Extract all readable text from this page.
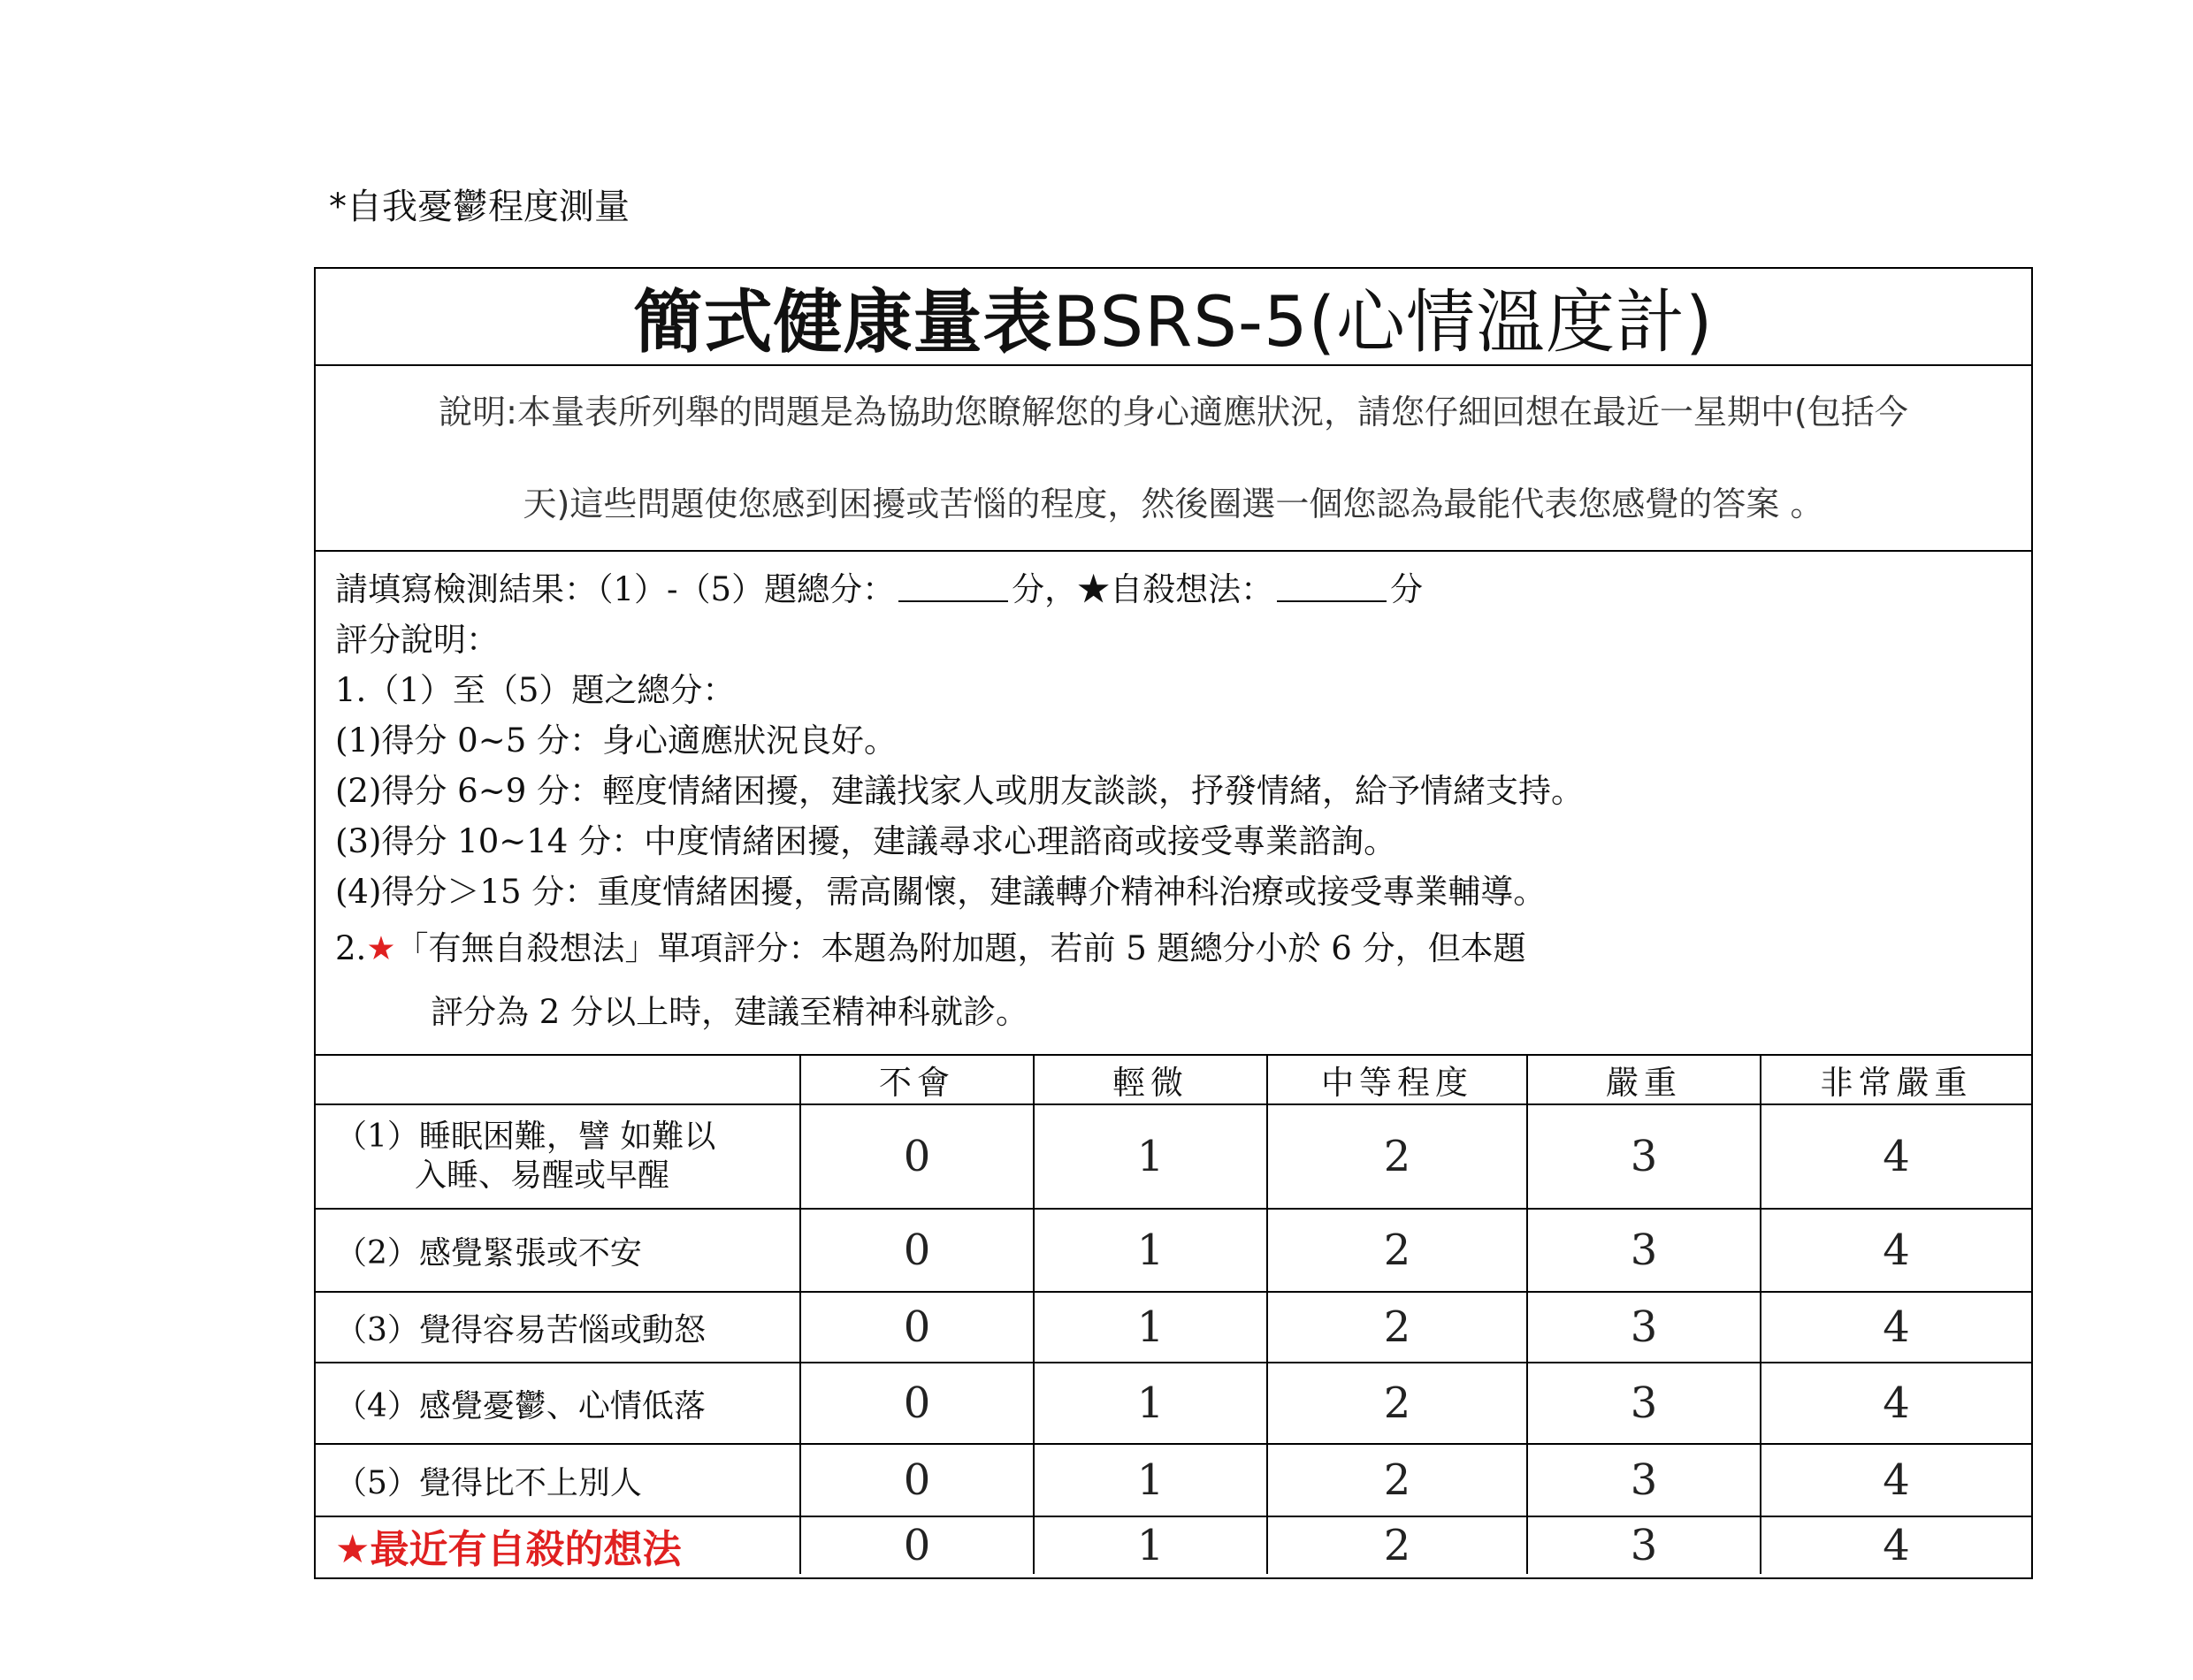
*自我憂鬱程度測量
簡式健康量表BSRS-5(心情溫度計)
說明:本量表所列舉的問題是為協助您瞭解您的身心適應狀況，請您仔細回想在最近一星期中(包括今
天)這些問題使您感到困擾或苦惱的程度，然後圈選一個您認為最能代表您感覺的答案 。
請填寫檢測結果：（1）-（5）題總分：	分，★自殺想法：	分
評分說明：
1.（1）至（5）題之總分：
(1)得分 0~5 分：身心適應狀況良好。
(2)得分 6~9 分：輕度情緒困擾，建議找家人或朋友談談，抒發情緒，給予情緒支持。
(3)得分 10~14 分：中度情緒困擾，建議尋求心理諮商或接受專業諮詢。
(4)得分＞15 分：重度情緒困擾，需高關懷，建議轉介精神科治療或接受專業輔導。
2.★「有無自殺想法」單項評分：本題為附加題，若前 5 題總分小於 6 分，但本題
評分為 2 分以上時，建議至精神科就診。
	不會	輕微	中等程度	嚴重	非常嚴重
（1）睡眠困難，譬 如難以
入睡、易醒或早醒	0	1	2	3	4
（2）感覺緊張或不安	0	1	2	3	4
（3）覺得容易苦惱或動怒	0	1	2	3	4
（4）感覺憂鬱、心情低落	0	1	2	3	4
（5）覺得比不上別人	0	1	2	3	4
★最近有自殺的想法	0	1	2	3	4
